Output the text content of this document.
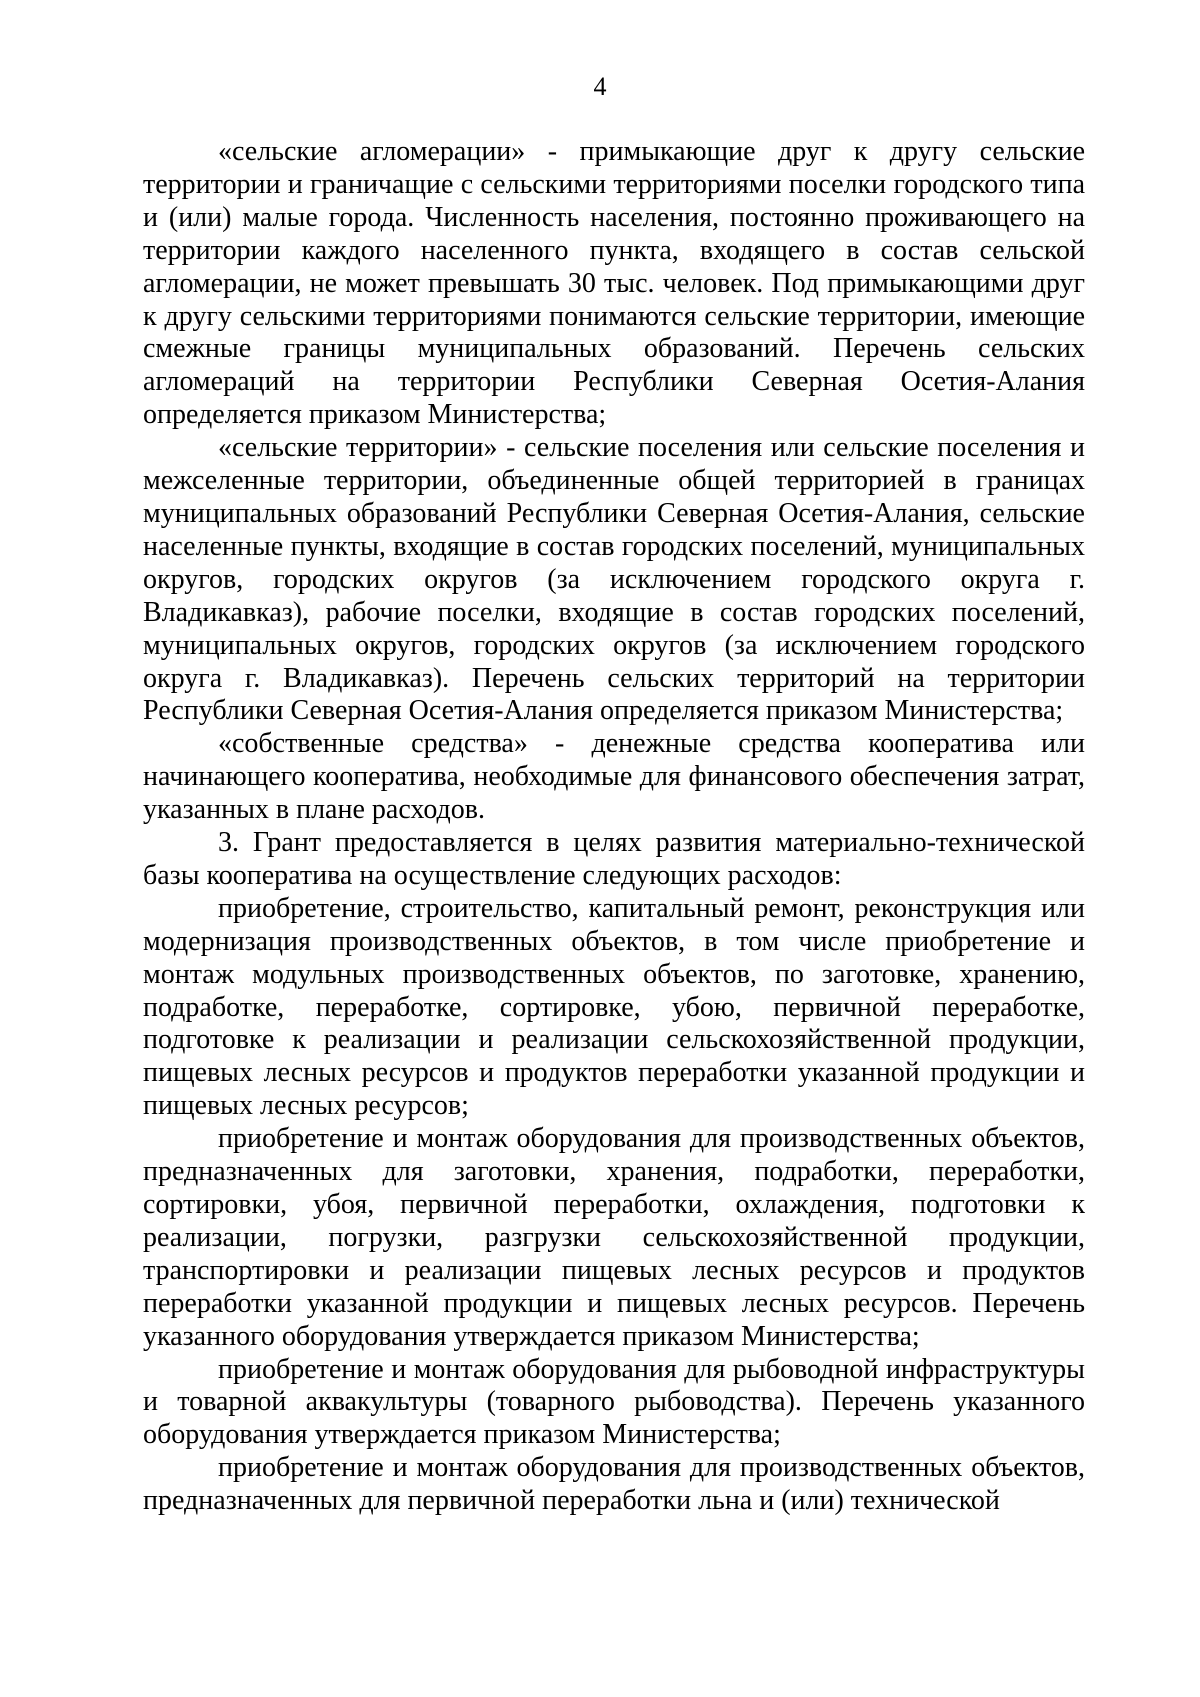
4

«сельские агломерации» - примыкающие друг к другу сельские территории и граничащие с сельскими территориями поселки городского типа и (или) малые города. Численность населения, постоянно проживающего на территории каждого населенного пункта, входящего в состав сельской агломерации, не может превышать 30 тыс. человек. Под примыкающими друг к другу сельскими территориями понимаются сельские территории, имеющие смежные границы муниципальных образований. Перечень сельских агломераций на территории Республики Северная Осетия-Алания определяется приказом Министерства;

«сельские территории» - сельские поселения или сельские поселения и межселенные территории, объединенные общей территорией в границах муниципальных образований Республики Северная Осетия-Алания, сельские населенные пункты, входящие в состав городских поселений, муниципальных округов, городских округов (за исключением городского округа г. Владикавказ), рабочие поселки, входящие в состав городских поселений, муниципальных округов, городских округов (за исключением городского округа г. Владикавказ). Перечень сельских территорий на территории Республики Северная Осетия-Алания определяется приказом Министерства;

«собственные средства» - денежные средства кооператива или начинающего кооператива, необходимые для финансового обеспечения затрат, указанных в плане расходов.

3. Грант предоставляется в целях развития материально-технической базы кооператива на осуществление следующих расходов:

приобретение, строительство, капитальный ремонт, реконструкция или модернизация производственных объектов, в том числе приобретение и монтаж модульных производственных объектов, по заготовке, хранению, подработке, переработке, сортировке, убою, первичной переработке, подготовке к реализации и реализации сельскохозяйственной продукции, пищевых лесных ресурсов и продуктов переработки указанной продукции и пищевых лесных ресурсов;

приобретение и монтаж оборудования для производственных объектов, предназначенных для заготовки, хранения, подработки, переработки, сортировки, убоя, первичной переработки, охлаждения, подготовки к реализации, погрузки, разгрузки сельскохозяйственной продукции, транспортировки и реализации пищевых лесных ресурсов и продуктов переработки указанной продукции и пищевых лесных ресурсов. Перечень указанного оборудования утверждается приказом Министерства;

приобретение и монтаж оборудования для рыбоводной инфраструктуры и товарной аквакультуры (товарного рыбоводства). Перечень указанного оборудования утверждается приказом Министерства;

приобретение и монтаж оборудования для производственных объектов, предназначенных для первичной переработки льна и (или) технической
